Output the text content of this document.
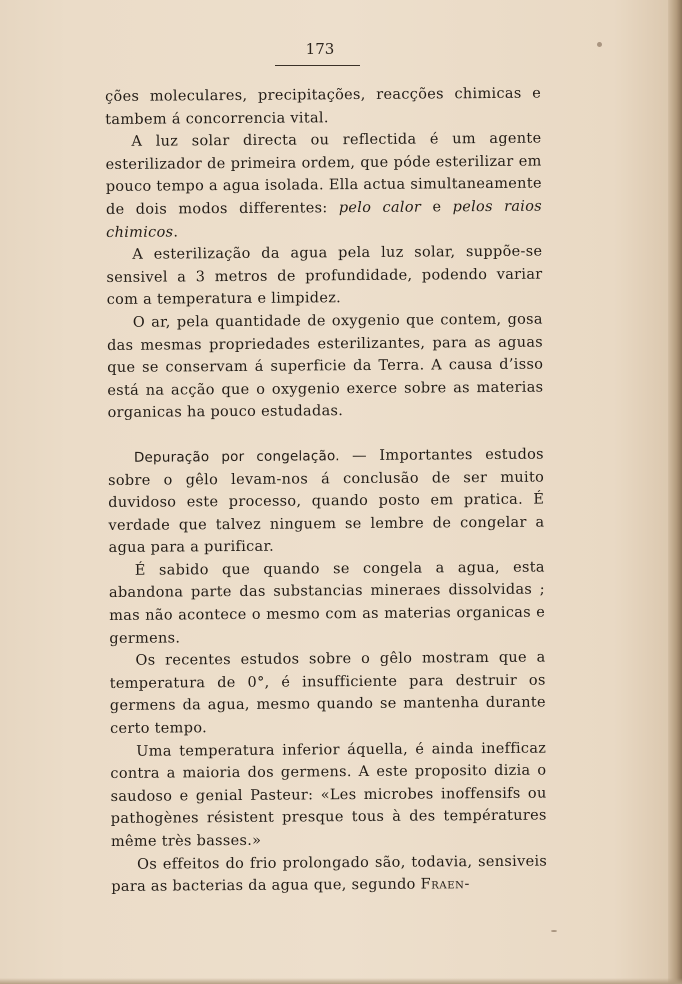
173

ções moleculares, precipitações, reacções chimicas e tambem á concorrencia vital.

A luz solar directa ou reflectida é um agente esterilizador de primeira ordem, que póde esterilizar em pouco tempo a agua isolada. Ella actua simultaneamente de dois modos differentes: pelo calor e pelos raios chimicos.

A esterilização da agua pela luz solar, suppõe-se sensivel a 3 metros de profundidade, podendo variar com a temperatura e limpidez.

O ar, pela quantidade de oxygenio que contem, gosa das mesmas propriedades esterilizantes, para as aguas que se conservam á superficie da Terra. A causa d’isso está na acção que o oxygenio exerce sobre as materias organicas ha pouco estudadas.

Depuração por congelação. — Importantes estudos sobre o gêlo levam-nos á conclusão de ser muito duvidoso este processo, quando posto em pratica. É verdade que talvez ninguem se lembre de congelar a agua para a purificar.

É sabido que quando se congela a agua, esta abandona parte das substancias mineraes dissolvidas ; mas não acontece o mesmo com as materias organicas e germens.

Os recentes estudos sobre o gêlo mostram que a temperatura de 0°, é insufficiente para destruir os germens da agua, mesmo quando se mantenha durante certo tempo.

Uma temperatura inferior áquella, é ainda inefficaz contra a maioria dos germens. A este proposito dizia o saudoso e genial Pasteur: «Les microbes inoffensifs ou pathogènes résistent presque tous à des températures même très basses.»

Os effeitos do frio prolongado são, todavia, sensiveis para as bacterias da agua que, segundo Fraen-
